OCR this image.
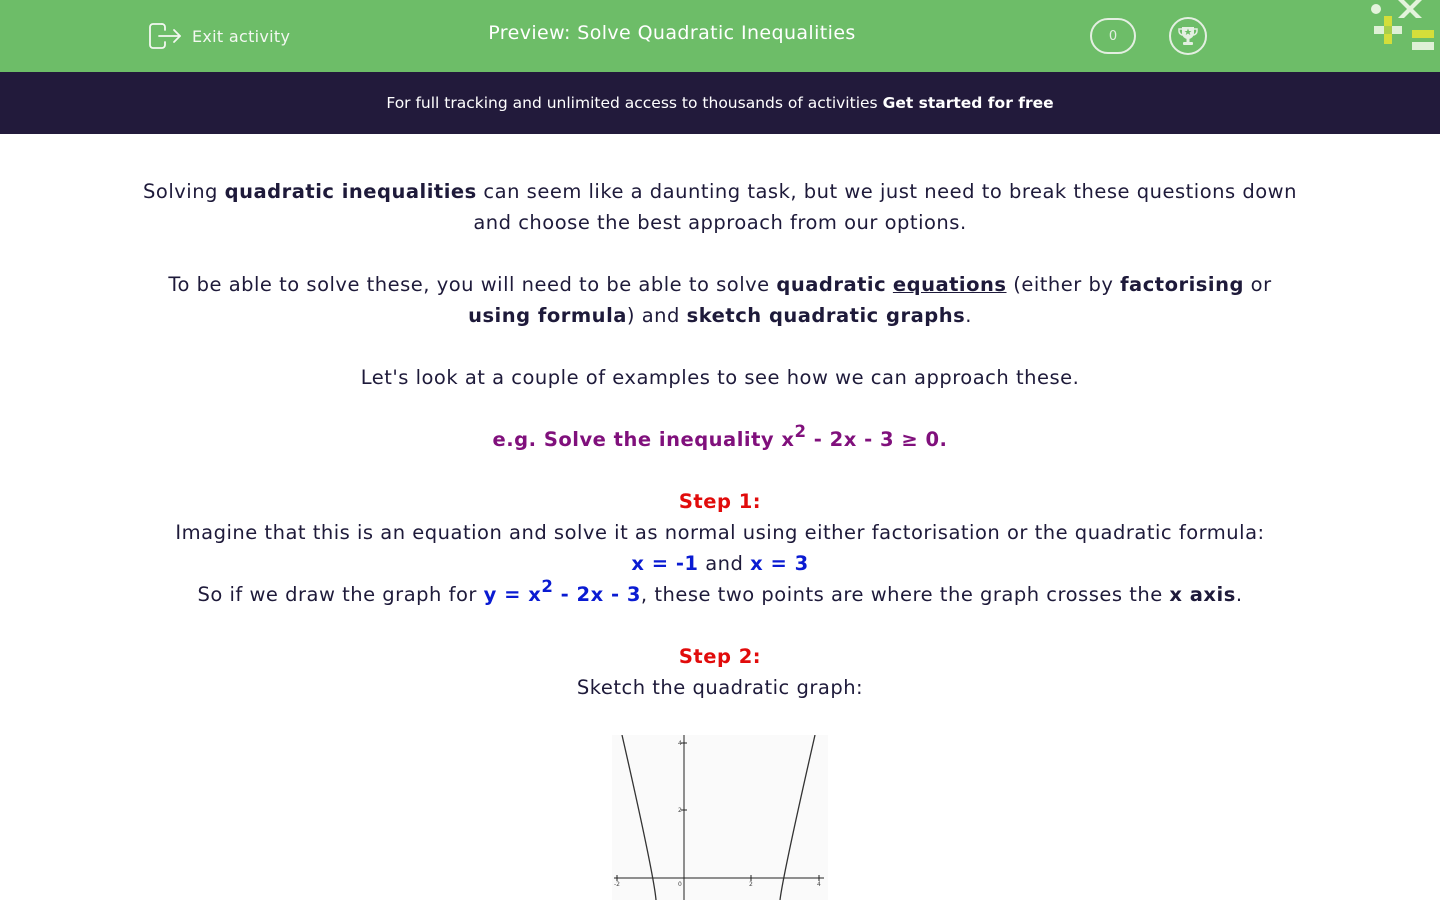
Exit activity	Preview: Solve Quadratic Inequalities	0
For full tracking and unlimited access to thousands of activities Get started for free

Solving quadratic inequalities can seem like a daunting task, but we just need to break these questions down and choose the best approach from our options.

To be able to solve these, you will need to be able to solve quadratic equations (either by factorising or
using formula) and sketch quadratic graphs.

Let's look at a couple of examples to see how we can approach these.

e.g. Solve the inequality $x^2 - 2x - 3 \ge 0$.

Step 1:

Imagine that this is an equation and solve it as normal using either factorisation or the quadratic formula:

x = -1 and x = 3

So if we draw the graph for $y = x^2 - 2x - 3$, these two points are where the graph crosses the x axis.

Step 2:

Sketch the quadratic graph:

-2	0	2	4
2
4
